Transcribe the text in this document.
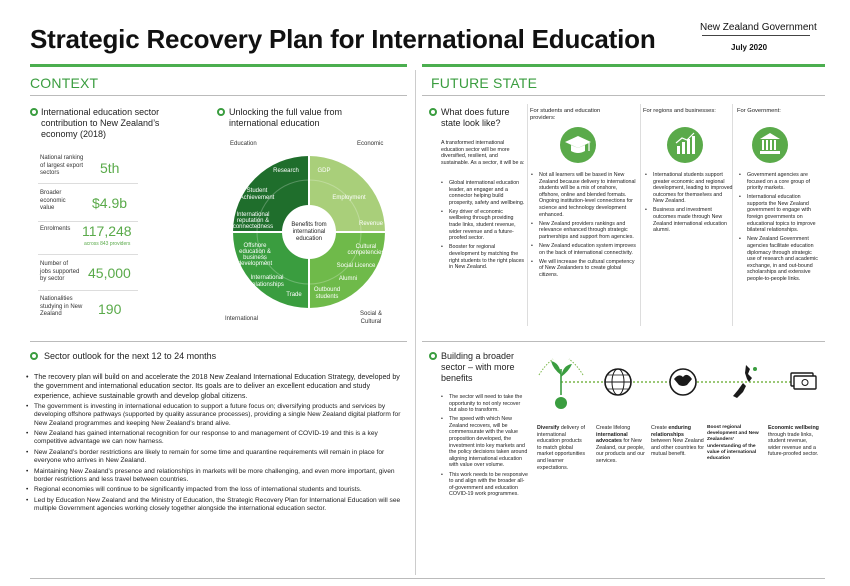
Strategic Recovery Plan for International Education	New Zealand Government
July 2020
CONTEXT	FUTURE STATE
International education sector contribution to New Zealand’s economy (2018)
National ranking of largest export sectors	5th
Broader economic value	$4.9b
Enrolments 117,248
across 843 providers
Number of jobs supported by sector	45,000
Nationalities studying in New Zealand	190
Unlocking the full value from international education
Education	Economic
International
Social & Cultural
Benefits from international education
Research
Student Achievement
International reputation & connectedness
GDP
Employment
Revenue
Offshore education & business development
International relationships
Trade
Cultural competencies
Social Licence
Alumni
Outbound students
Sector outlook for the next 12 to 24 months
• The recovery plan will build on and accelerate the 2018 New Zealand International Education Strategy, developed by the government and international education sector. Its goals are to deliver an excellent education and study experience, achieve sustainable growth and develop global citizens.
• The government is investing in international education to support a future focus on; diversifying products and services by developing offshore pathways (supported by quality assurance processes), providing a single New Zealand digital platform for New Zealand programmes and keeping New Zealand’s brand alive.
• New Zealand has gained international recognition for our response to and management of COVID-19 and this is a key competitive advantage we can now harness.
• New Zealand’s border restrictions are likely to remain for some time and quarantine requirements will remain in place for everyone who arrives in New Zealand.
• Maintaining New Zealand’s presence and relationships in markets will be more challenging, and even more important, given border restrictions and less travel between countries.
• Regional economies will continue to be significantly impacted from the loss of international students and tourists.
• Led by Education New Zealand and the Ministry of Education, the Strategic Recovery Plan for International Education will see multiple Government agencies working closely together alongside the international education sector.
What does future state look like?
A transformed international education sector will be more diversified, resilient, and sustainable. As a sector, it will be a:
• Global international education leader, an engager and a connector helping build prosperity, safety and wellbeing.
• Key driver of economic wellbeing through providing trade links, student revenue, wider revenue and a future-proofed sector.
• Booster for regional development by matching the right students to the right places in New Zealand.
For students and education providers:
• Not all learners will be based in New Zealand because delivery to international students will be a mix of onshore, offshore, online and blended formats. Ongoing institution-level connections for science and technology development enhanced.
• New Zealand providers rankings and relevance enhanced through strategic partnerships and support from agencies.
• New Zealand education system improves on the back of international connectivity.
• We will increase the cultural competency of New Zealanders to create global citizens.
For regions and businesses:
• International students support greater economic and regional development, leading to improved outcomes for themselves and New Zealand.
• Business and investment outcomes made through New Zealand international education alumni.
For Government:
• Government agencies are focused on a core group of priority markets.
• International education supports the New Zealand government to engage with foreign governments on educational topics to improve bilateral relationships.
• New Zealand Government agencies facilitate education diplomacy through strategic use of research and academic exchange, in and out-bound scholarships and extensive people-to-people links.
Building a broader sector – with more benefits
• The sector will need to take the opportunity to not only recover but also to transform.
• The speed with which New Zealand recovers, will be commensurate with the value proposition developed, the investment into key markets and the policy decisions taken around aligning international education with value over volume.
• This work needs to be responsive to and align with the broader all-of-government and education COVID-19 work programmes.
Diversify delivery of international education products to match global market opportunities and learner expectations.
Create lifelong international advocates for New Zealand, our people, our products and our services.
Create enduring relationships between New Zealand and other countries for mutual benefit.
Boost regional development and New Zealanders’ understanding of the value of international education
Economic wellbeing through trade links, student revenue, wider revenue and a future-proofed sector.
